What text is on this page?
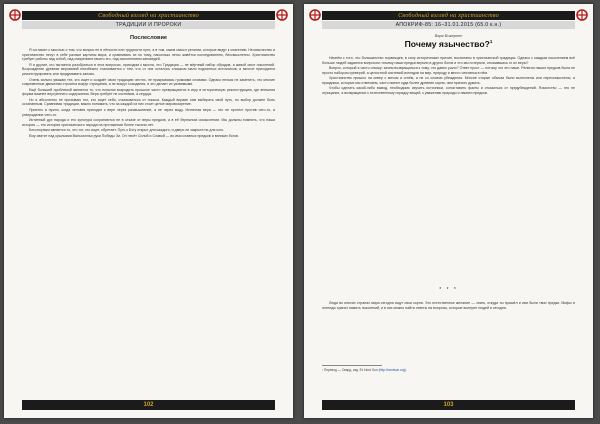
Свободный взгляд на христианство
ТРАДИЦИИ И ПРОРОКИ
Послесловие

Я согласен с мыслью о том, что вопрос не в лёгкости или трудности пути, а в том, каков смысл религии, которые ведут к спасению. Неоязычество и христианство несут в себе разные картины мира, и сравнивать их по тому, насколько легко живётся последователю, бессмысленно. Христианство требует работы над собой, над смирением своего эго, над исполнением заповедей.

Я и другие, кто пытается разобраться в этих вопросах, приходим к мысли, что Традиция — не мёртвый набор обрядов, а живой опыт поколений. Возрождение древних верований неизбежно сталкивается с тем, что от них осталось слишком мало подлинных источников, и многое приходится реконструировать или придумывать заново.

Очень сильно уважаю тех, кто ищет и создаёт свою традицию честно, не прикрываясь громкими словами. Однако нельзя не заметить, что многие современные движения строятся вокруг отрицания, а не вокруг созидания, и это делает их уязвимыми.

Ещё большей проблемой является то, что попытки возродить прошлое часто превращаются в игру в историческую реконструкцию, где внешняя форма важнее внутреннего содержания. Вера требует не костюмов, а сердца.

Но я абсолютно не призываю тех, кто ищет себя, отказываться от поиска. Каждый вправе сам выбирать свой путь, но выбор должен быть осознанным. Сравнивая традиции, важно понимать, что за каждой из них стоит целое мировоззрение.

Приятно и нужно, когда человек приходит к вере через размышление, а не через моду. Истинная вера — это не протест против чего-то, а утверждение чего-то.

Истинный дух народа и его культура сохраняются не в отказе от веры предков, а в её бережном осмыслении. Мы должны помнить, что наша история — это история христианского народа на протяжении более тысячи лет.

Бесспорным является то, что тот, кто ищет, обретает. Путь к Богу открыт для каждого, и дверь не закрыта ни для кого.

Ему святит над крыльями Вальхалльи руки Победы Зи. Он несёт Силой и Славой — во имя славных предков и великих богов.

102
Свободный взгляд на христианство
АПОКРИФ-85: 16–31.01.2015 (65.0 к.н.)
Варг Викернес
Почему язычество?$^1$

Начнём с того, что большинство норвежцев, в силу исторических причин, воспитаны в христианской традиции. Однако с каждым поколением всё больше людей задаются вопросом: почему наши предки верили в других богов и что мы потеряли, отказавшись от их веры?

Вопрос, который я часто слышу: зачем возвращаться к тому, что давно ушло? Ответ прост — потому что это наше. Религия наших предков была не просто набором суеверий, а целостной системой взглядов на мир, природу и место человека в нём.

Христианство пришло на север с мечом и огнём, а не со словом убеждения. Многие старые обычаи были вытеснены или переосмыслены, и праздники, которые мы отмечаем, часто имеют куда более древние корни, чем принято думать.

Чтобы сделать какой-либо вывод, необходимо изучить источники, сопоставить факты и отказаться от предубеждений. Язычество — это не отрицание, а возвращение к естественному порядку вещей, к уважению природы и памяти предков.

* * *

Люди во многих странах мира сегодня ищут свои корни. Это естественное желание — знать, откуда ты пришёл и кем были твои предки. Мифы и легенды хранят память поколений, и в них можно найти ответы на вопросы, которые волнуют людей и сегодня.

¹ Перевод — Свирд, изд. Ex Nord Sun (http://nordsun.org).
103
